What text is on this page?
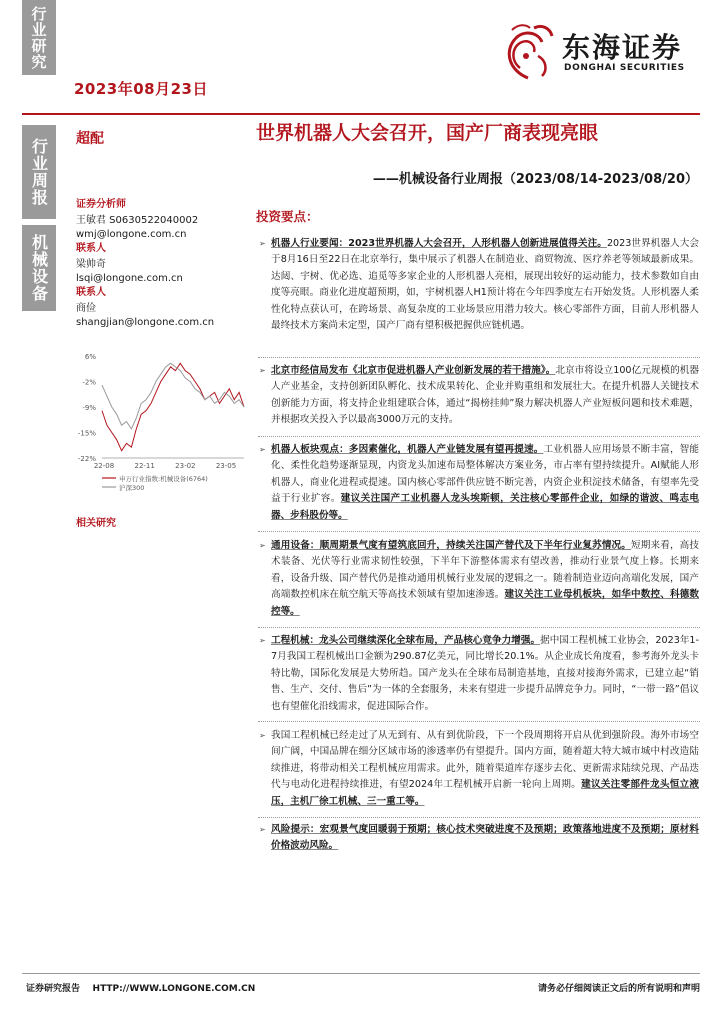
行业研究
2023年08月23日
东海证券
DONGHAI SECURITIES
行业周报
机械设备
超配	世界机器人大会召开，国产厂商表现亮眼
——机械设备行业周报（2023/08/14-2023/08/20）
证券分析师
王敏君 S0630522040002
wmj@longone.com.cn
联系人
梁帅奇
lsqi@longone.com.cn
联系人
商俭
shangjian@longone.com.cn
6%
-2%
-9%
-15%
-22%
22-08	22-11	23-02	23-05
申万行业指数:机械设备(6764)
沪深300
相关研究
投资要点：
➢ 机器人行业要闻：2023世界机器人大会召开，人形机器人创新进展值得关注。2023世界机器人大会于8月16日至22日在北京举行，集中展示了机器人在制造业、商贸物流、医疗养老等领域最新成果。达闼、宇树、优必选、追觅等多家企业的人形机器人亮相，展现出较好的运动能力，技术参数如自由度等亮眼。商业化进度超预期，如，宇树机器人H1预计将在今年四季度左右开始发货。人形机器人柔性化特点获认可，在跨场景、高复杂度的工业场景应用潜力较大。核心零部件方面，目前人形机器人最终技术方案尚未定型，国产厂商有望积极把握供应链机遇。
➢ 北京市经信局发布《北京市促进机器人产业创新发展的若干措施》。北京市将设立100亿元规模的机器人产业基金，支持创新团队孵化、技术成果转化、企业并购重组和发展壮大。在提升机器人关键技术创新能力方面，将支持企业组建联合体，通过“揭榜挂帅”聚力解决机器人产业短板问题和技术难题，并根据攻关投入予以最高3000万元的支持。
➢ 机器人板块观点：多因素催化，机器人产业链发展有望再提速。工业机器人应用场景不断丰富，智能化、柔性化趋势逐渐显现，内资龙头加速布局整体解决方案业务，市占率有望持续提升。AI赋能人形机器人，商业化进程或提速。国内核心零部件供应链不断完善，内资企业积淀技术储备，有望率先受益于行业扩容。建议关注国产工业机器人龙头埃斯顿，关注核心零部件企业，如绿的谐波、鸣志电器、步科股份等。
➢ 通用设备：顺周期景气度有望筑底回升，持续关注国产替代及下半年行业复苏情况。短期来看，高技术装备、光伏等行业需求韧性较强，下半年下游整体需求有望改善，推动行业景气度上修。长期来看，设备升级、国产替代仍是推动通用机械行业发展的逻辑之一。随着制造业迈向高端化发展，国产高端数控机床在航空航天等高技术领域有望加速渗透。建议关注工业母机板块，如华中数控、科德数控等。
➢ 工程机械：龙头公司继续深化全球布局，产品核心竞争力增强。据中国工程机械工业协会，2023年1-7月我国工程机械出口金额为290.87亿美元，同比增长20.1%。从企业成长角度看，参考海外龙头卡特比勒，国际化发展是大势所趋。国产龙头在全球布局制造基地，直接对接海外需求，已建立起“销售、生产、交付、售后”为一体的全套服务，未来有望进一步提升品牌竞争力。同时，“一带一路”倡议也有望催化沿线需求，促进国际合作。
➢ 我国工程机械已经走过了从无到有、从有到优阶段，下一个段周期将开启从优到强阶段。海外市场空间广阔，中国品牌在细分区域市场的渗透率仍有望提升。国内方面，随着超大特大城市城中村改造陆续推进，将带动相关工程机械应用需求。此外，随着渠道库存逐步去化、更新需求陆续兑现、产品迭代与电动化进程持续推进，有望2024年工程机械开启新一轮向上周期。建议关注零部件龙头恒立液压，主机厂徐工机械、三一重工等。
➢ 风险提示：宏观景气度回暖弱于预期；核心技术突破进度不及预期；政策落地进度不及预期；原材料价格波动风险。
证券研究报告    HTTP://WWW.LONGONE.COM.CN	请务必仔细阅读正文后的所有说明和声明
